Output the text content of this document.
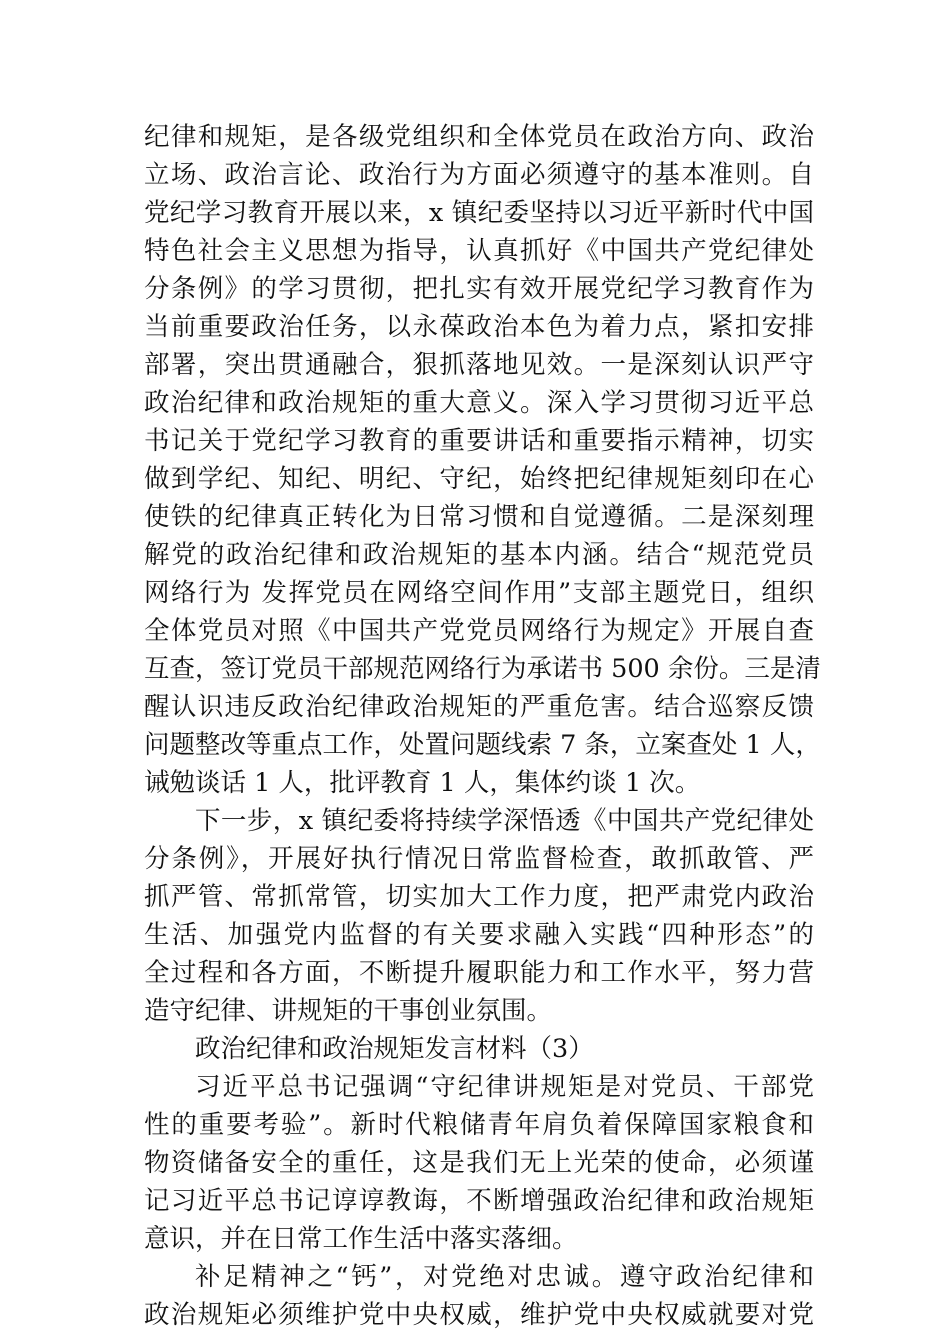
纪律和规矩，是各级党组织和全体党员在政治方向、政治
立场、政治言论、政治行为方面必须遵守的基本准则。自
党纪学习教育开展以来，x 镇纪委坚持以习近平新时代中国
特色社会主义思想为指导，认真抓好《中国共产党纪律处
分条例》的学习贯彻，把扎实有效开展党纪学习教育作为
当前重要政治任务，以永葆政治本色为着力点，紧扣安排
部署，突出贯通融合，狠抓落地见效。一是深刻认识严守
政治纪律和政治规矩的重大意义。深入学习贯彻习近平总
书记关于党纪学习教育的重要讲话和重要指示精神，切实
做到学纪、知纪、明纪、守纪，始终把纪律规矩刻印在心
使铁的纪律真正转化为日常习惯和自觉遵循。二是深刻理
解党的政治纪律和政治规矩的基本内涵。结合“规范党员
网络行为 发挥党员在网络空间作用”支部主题党日，组织
全体党员对照《中国共产党党员网络行为规定》开展自查
互查，签订党员干部规范网络行为承诺书 500 余份。三是清
醒认识违反政治纪律政治规矩的严重危害。结合巡察反馈
问题整改等重点工作，处置问题线索 7 条，立案查处 1 人，
诫勉谈话 1 人，批评教育 1 人，集体约谈 1 次。
下一步，x 镇纪委将持续学深悟透《中国共产党纪律处
分条例》，开展好执行情况日常监督检查，敢抓敢管、严
抓严管、常抓常管，切实加大工作力度，把严肃党内政治
生活、加强党内监督的有关要求融入实践“四种形态”的
全过程和各方面，不断提升履职能力和工作水平，努力营
造守纪律、讲规矩的干事创业氛围。
政治纪律和政治规矩发言材料（3）
习近平总书记强调“守纪律讲规矩是对党员、干部党
性的重要考验”。新时代粮储青年肩负着保障国家粮食和
物资储备安全的重任，这是我们无上光荣的使命，必须谨
记习近平总书记谆谆教诲，不断增强政治纪律和政治规矩
意识，并在日常工作生活中落实落细。
补足精神之“钙”，对党绝对忠诚。遵守政治纪律和
政治规矩必须维护党中央权威，维护党中央权威就要对党
